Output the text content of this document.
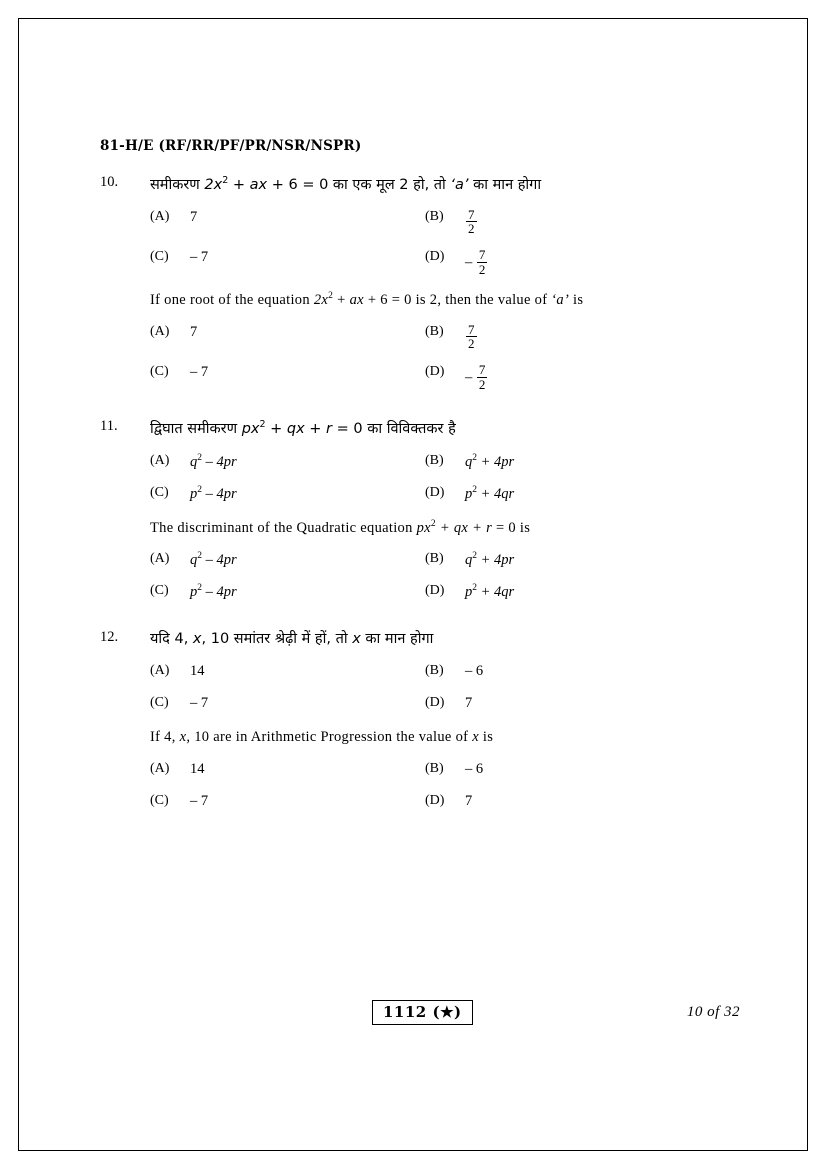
81-H/E (RF/RR/PF/PR/NSR/NSPR)
10.	समीकरण $2x^2$ + ax + 6 = 0 का एक मूल 2 हो, तो ‘a’ का मान होगा
(A)	7	(B)	$\frac{7}{2}$
(C)	– 7	(D)	– $\frac{7}{2}$
If one root of the equation $2x^2$ + ax + 6 = 0 is 2, then the value of ‘a’ is
(A)	7	(B)	$\frac{7}{2}$
(C)	– 7	(D)	– $\frac{7}{2}$
11.	द्विघात समीकरण $px^2$ + qx + r = 0 का विविक्तकर है
(A)	$q^2 - 4pr$	(B)	$q^2 + 4pr$
(C)	$p^2 - 4pr$	(D)	$p^2 + 4qr$
The discriminant of the Quadratic equation $px^2$ + qx + r = 0 is
(A)	$q^2 - 4pr$	(B)	$q^2 + 4pr$
(C)	$p^2 - 4pr$	(D)	$p^2 + 4qr$
12.	यदि 4, x, 10 समांतर श्रेढ़ी में हों, तो x का मान होगा
(A)	14	(B)	– 6
(C)	– 7	(D)	7
If 4, x, 10 are in Arithmetic Progression the value of x is
(A)	14	(B)	– 6
(C)	– 7	(D)	7
1112 (★)	10 of 32
